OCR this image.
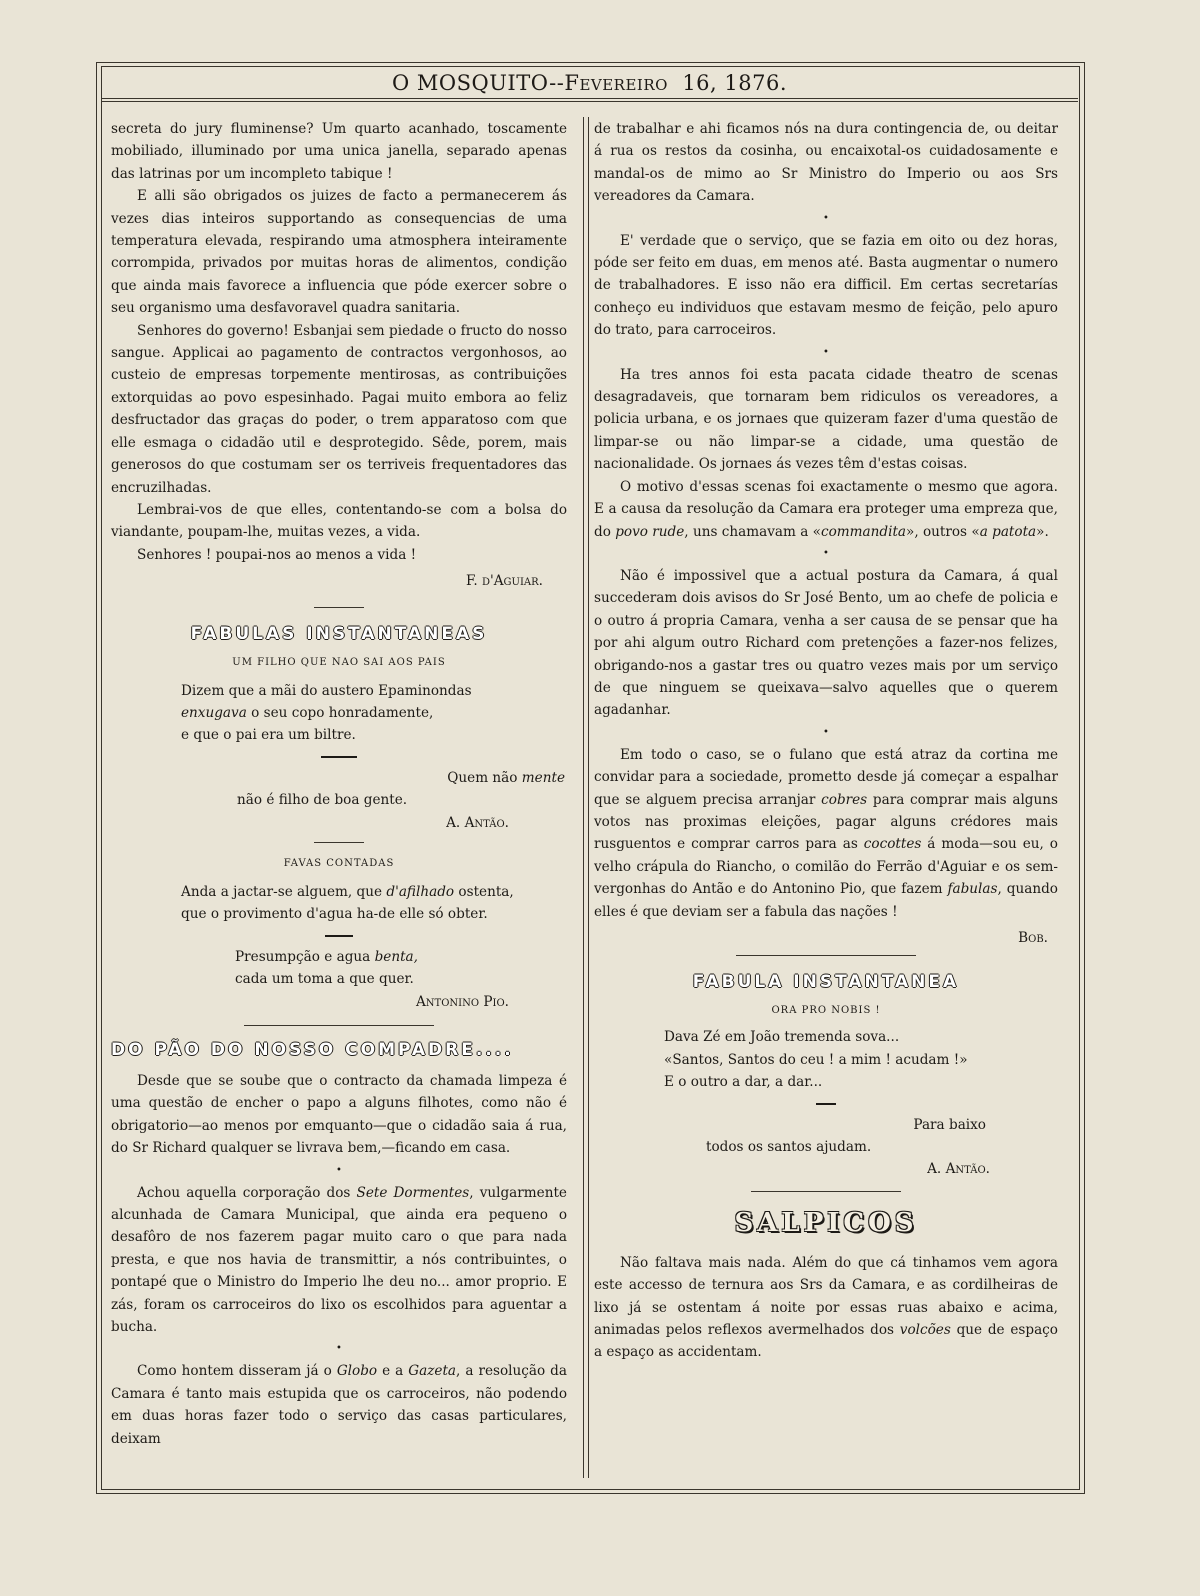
O MOSQUITO--Fevereiro 16, 1876.

secreta do jury fluminense? Um quarto acanhado, toscamente mobiliado, illuminado por uma unica janella, separado apenas das latrinas por um incompleto tabique !

E alli são obrigados os juizes de facto a permanecerem ás vezes dias inteiros supportando as consequencias de uma temperatura elevada, respirando uma atmosphera inteiramente corrompida, privados por muitas horas de alimentos, condição que ainda mais favorece a influencia que póde exercer sobre o seu organismo uma desfavoravel quadra sanitaria.

Senhores do governo! Esbanjai sem piedade o fructo do nosso sangue. Applicai ao pagamento de contractos vergonhosos, ao custeio de empresas torpemente mentirosas, as contribuições extorquidas ao povo espesinhado. Pagai muito embora ao feliz desfructador das graças do poder, o trem apparatoso com que elle esmaga o cidadão util e desprotegido. Sêde, porem, mais generosos do que costumam ser os terriveis frequentadores das encruzilhadas.

Lembrai-vos de que elles, contentando-se com a bolsa do viandante, poupam-lhe, muitas vezes, a vida.

Senhores ! poupai-nos ao menos a vida !

F. d'Aguiar.
FABULAS INSTANTANEAS
UM FILHO QUE NAO SAI AOS PAIS
Dizem que a mãi do austero Epaminondas
enxugava o seu copo honradamente,
e que o pai era um biltre.
Quem não mente
não é filho de boa gente.
A. Antão.
FAVAS CONTADAS
Anda a jactar-se alguem, que d'afilhado ostenta,
que o provimento d'agua ha-de elle só obter.
Presumpção e agua benta,
cada um toma a que quer.
Antonino Pio.
DO PÃO DO NOSSO COMPADRE....

Desde que se soube que o contracto da chamada limpeza é uma questão de encher o papo a alguns filhotes, como não é obrigatorio—ao menos por emquanto—que o cidadão saia á rua, do Sr Richard qualquer se livrava bem,—ficando em casa.

•

Achou aquella corporação dos Sete Dormentes, vulgarmente alcunhada de Camara Municipal, que ainda era pequeno o desafôro de nos fazerem pagar muito caro o que para nada presta, e que nos havia de transmittir, a nós contribuintes, o pontapé que o Ministro do Imperio lhe deu no... amor proprio. E zás, foram os carroceiros do lixo os escolhidos para aguentar a bucha.

•

Como hontem disseram já o Globo e a Gazeta, a resolução da Camara é tanto mais estupida que os carroceiros, não podendo em duas horas fazer todo o serviço das casas particulares, deixam

de trabalhar e ahi ficamos nós na dura contingencia de, ou deitar á rua os restos da cosinha, ou encaixotal-os cuidadosamente e mandal-os de mimo ao Sr Ministro do Imperio ou aos Srs vereadores da Camara.

•

E' verdade que o serviço, que se fazia em oito ou dez horas, póde ser feito em duas, em menos até. Basta augmentar o numero de trabalhadores. E isso não era difficil. Em certas secretarías conheço eu individuos que estavam mesmo de feição, pelo apuro do trato, para carroceiros.

•

Ha tres annos foi esta pacata cidade theatro de scenas desagradaveis, que tornaram bem ridiculos os vereadores, a policia urbana, e os jornaes que quizeram fazer d'uma questão de limpar-se ou não limpar-se a cidade, uma questão de nacionalidade. Os jornaes ás vezes têm d'estas coisas.

O motivo d'essas scenas foi exactamente o mesmo que agora. E a causa da resolução da Camara era proteger uma empreza que, do povo rude, uns chamavam a «commandita», outros «a patota».

•

Não é impossivel que a actual postura da Camara, á qual succederam dois avisos do Sr José Bento, um ao chefe de policia e o outro á propria Camara, venha a ser causa de se pensar que ha por ahi algum outro Richard com pretenções a fazer-nos felizes, obrigando-nos a gastar tres ou quatro vezes mais por um serviço de que ninguem se queixava—salvo aquelles que o querem agadanhar.

•

Em todo o caso, se o fulano que está atraz da cortina me convidar para a sociedade, prometto desde já começar a espalhar que se alguem precisa arranjar cobres para comprar mais alguns votos nas proximas eleições, pagar alguns crédores mais rusguentos e comprar carros para as cocottes á moda—sou eu, o velho crápula do Riancho, o comilão do Ferrão d'Aguiar e os sem-vergonhas do Antão e do Antonino Pio, que fazem fabulas, quando elles é que deviam ser a fabula das nações !

Bob.
FABULA INSTANTANEA
ORA PRO NOBIS !
Dava Zé em João tremenda sova...
«Santos, Santos do ceu ! a mim ! acudam !»
E o outro a dar, a dar...
Para baixo
todos os santos ajudam.
A. Antão.
SALPICOS

Não faltava mais nada. Além do que cá tinhamos vem agora este accesso de ternura aos Srs da Camara, e as cordilheiras de lixo já se ostentam á noite por essas ruas abaixo e acima, animadas pelos reflexos avermelhados dos volcões que de espaço a espaço as accidentam.
